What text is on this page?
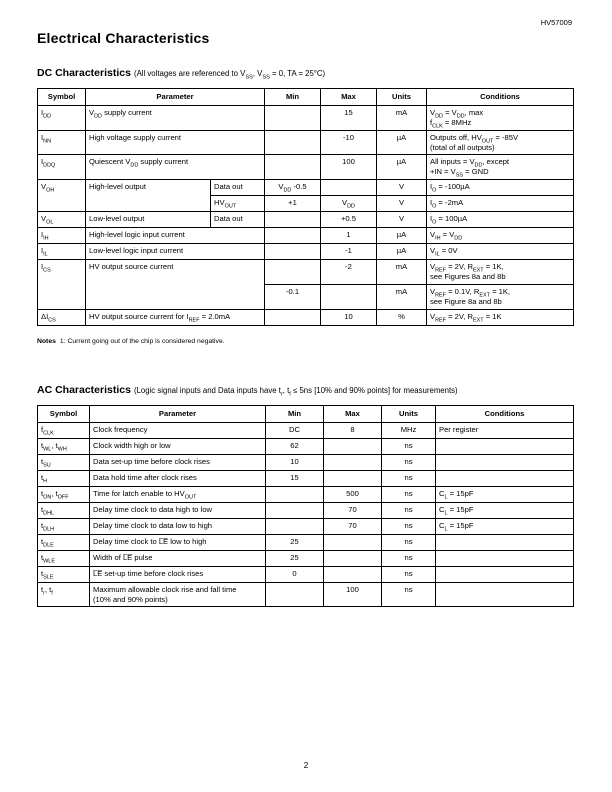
HV57009
Electrical Characteristics
DC Characteristics (All voltages are referenced to $V_{SS}$, $V_{SS} = 0$, TA = 25°C)
Symbol	Parameter		Min	Max	Units	Conditions
$I_{DD}$	$V_{DD}$ supply current			15	mA	$V_{DD} = V_{DD}$, max
$f_{CLK} = 8MHz$
$I_{NN}$	High voltage supply current			-10	µA	Outputs off, $HV_{OUT} = -85V$
(total of all outputs)
$I_{DDQ}$	Quiescent $V_{DD}$ supply current			100	µA	All inputs = $V_{DD}$, except
$+IN = V_{SS}$ = GND
$V_{OH}$	High-level output	Data out	$V_{DD}$ -0.5		V	$I_O = -100\mu A$
		$HV_{OUT}$	+1	$V_{DD}$	V	$I_O = -2mA$
$V_{OL}$	Low-level output	Data out		+0.5	V	$I_O = 100\mu A$
$I_{IH}$	High-level logic input current			1	µA	$V_{IH} = V_{DD}$
$I_{IL}$	Low-level logic input current			-1	µA	$V_{IL} = 0V$
$I_{CS}$	HV output source current			-2	mA	$V_{REF} = 2V$, $R_{EXT} = 1K$,
see Figures 8a and 8b
			-0.1		mA	$V_{REF} = 0.1V$, $R_{EXT} = 1K$,
see Figure 8a and 8b
$\Delta I_{CS}$	HV output source current for $I_{REF} = 2.0mA$			10	%	$V_{REF} = 2V$, $R_{EXT} = 1K$

Notes 1: Current going out of the chip is considered negative.

AC Characteristics (Logic signal inputs and Data inputs have $t_r$, $t_f \le 5ns$ [10% and 90% points] for measurements)
Symbol	Parameter	Min	Max	Units	Conditions
$f_{CLK}$	Clock frequency	DC	8	MHz	Per register
$t_{WL}$, $t_{WH}$	Clock width high or low	62		ns	
$t_{SU}$	Data set-up time before clock rises	10		ns	
$t_H$	Data hold time after clock rises	15		ns	
$t_{ON}$, $t_{OFF}$	Time for latch enable to $HV_{OUT}$		500	ns	$C_L = 15pF$
$t_{DHL}$	Delay time clock to data high to low		70	ns	$C_L = 15pF$
$t_{DLH}$	Delay time clock to data low to high		70	ns	$C_L = 15pF$
$t_{DLE}$	Delay time clock to L̅E̅ low to high	25		ns	
$t_{WLE}$	Width of L̅E̅ pulse	25		ns	
$t_{SLE}$	L̅E̅ set-up time before clock rises	0		ns	
$t_r$, $t_f$	Maximum allowable clock rise and fall time
(10% and 90% points)		100	ns	
2
